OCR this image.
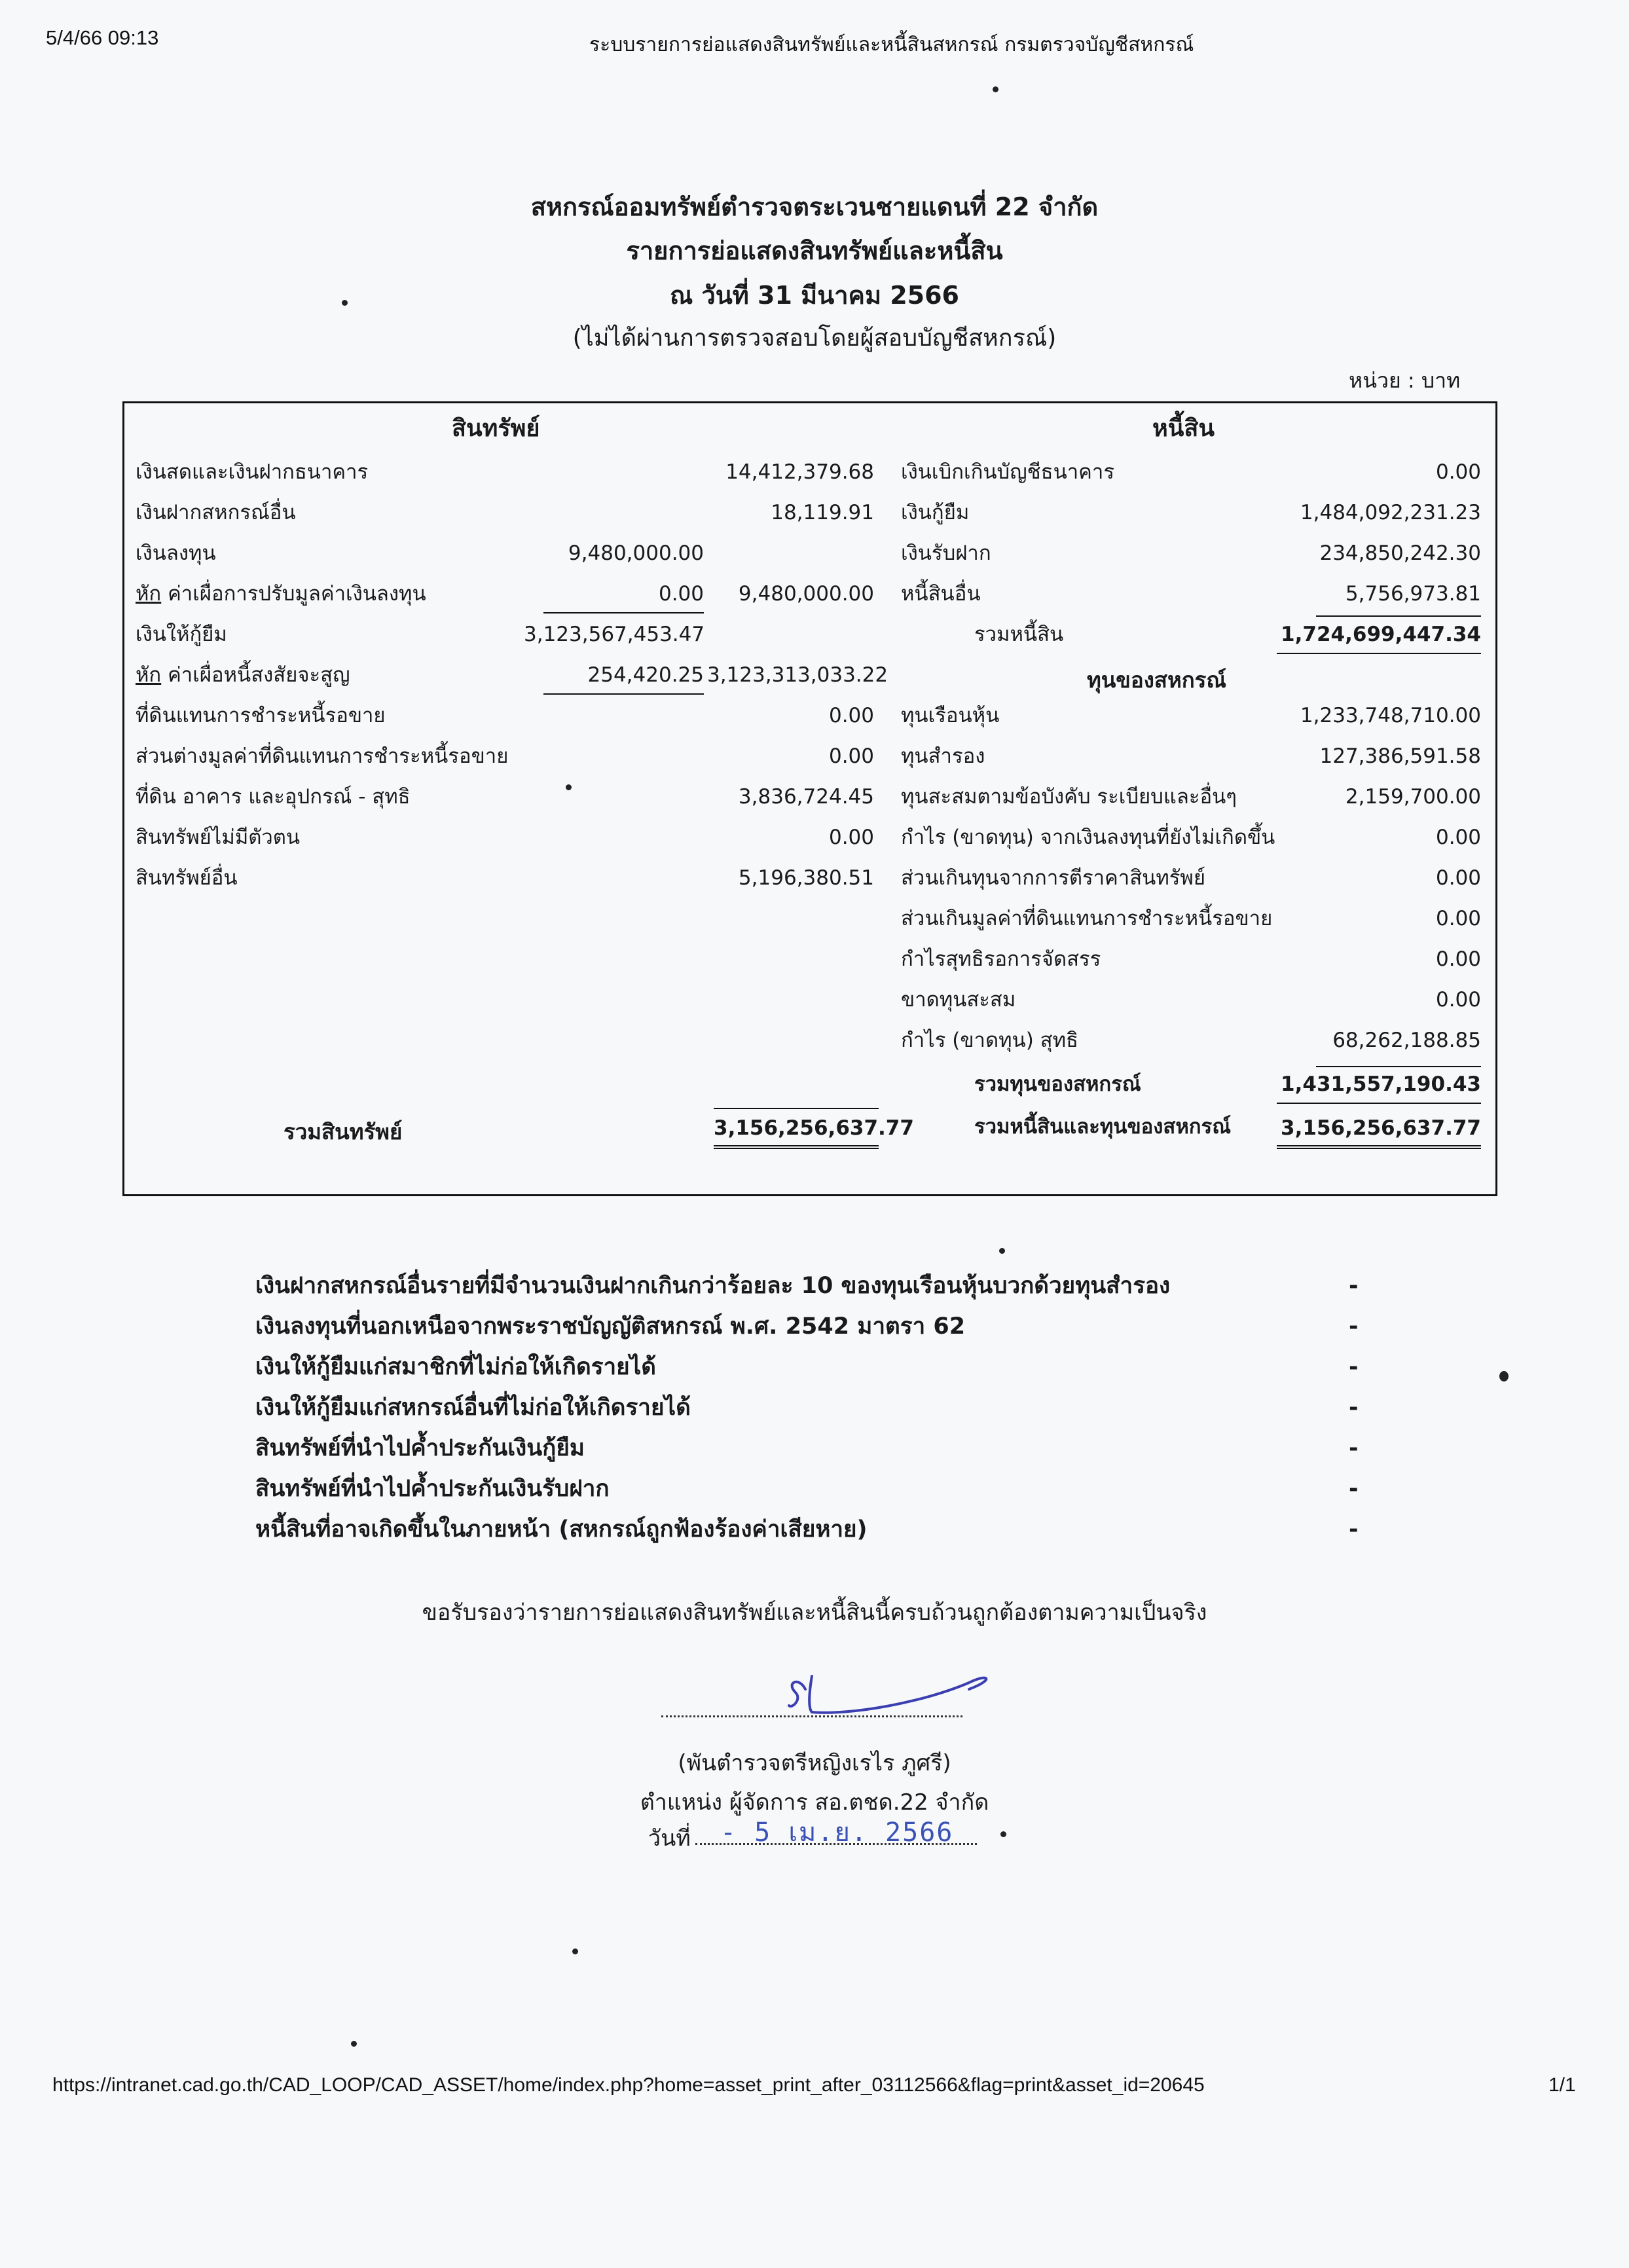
5/4/66 09:13	ระบบรายการย่อแสดงสินทรัพย์และหนี้สินสหกรณ์ กรมตรวจบัญชีสหกรณ์
สหกรณ์ออมทรัพย์ตำรวจตระเวนชายแดนที่ 22 จำกัด
รายการย่อแสดงสินทรัพย์และหนี้สิน
ณ วันที่ 31 มีนาคม 2566
(ไม่ได้ผ่านการตรวจสอบโดยผู้สอบบัญชีสหกรณ์)
หน่วย : บาท
สินทรัพย์	หนี้สิน
เงินสดและเงินฝากธนาคาร	14,412,379.68
เงินฝากสหกรณ์อื่น	18,119.91
เงินลงทุน	9,480,000.00
หัก ค่าเผื่อการปรับมูลค่าเงินลงทุน	0.00	9,480,000.00
เงินให้กู้ยืม	3,123,567,453.47
หัก ค่าเผื่อหนี้สงสัยจะสูญ	254,420.25 3,123,313,033.22
ที่ดินแทนการชำระหนี้รอขาย	0.00
ส่วนต่างมูลค่าที่ดินแทนการชำระหนี้รอขาย	0.00
ที่ดิน อาคาร และอุปกรณ์ - สุทธิ	3,836,724.45
สินทรัพย์ไม่มีตัวตน	0.00
สินทรัพย์อื่น	5,196,380.51
รวมสินทรัพย์	3,156,256,637.77
เงินเบิกเกินบัญชีธนาคาร	0.00
เงินกู้ยืม	1,484,092,231.23
เงินรับฝาก	234,850,242.30
หนี้สินอื่น	5,756,973.81
รวมหนี้สิน	1,724,699,447.34
ทุนของสหกรณ์
ทุนเรือนหุ้น	1,233,748,710.00
ทุนสำรอง	127,386,591.58
ทุนสะสมตามข้อบังคับ ระเบียบและอื่นๆ	2,159,700.00
กำไร (ขาดทุน) จากเงินลงทุนที่ยังไม่เกิดขึ้น	0.00
ส่วนเกินทุนจากการตีราคาสินทรัพย์	0.00
ส่วนเกินมูลค่าที่ดินแทนการชำระหนี้รอขาย	0.00
กำไรสุทธิรอการจัดสรร	0.00
ขาดทุนสะสม	0.00
กำไร (ขาดทุน) สุทธิ	68,262,188.85
รวมทุนของสหกรณ์	1,431,557,190.43
รวมหนี้สินและทุนของสหกรณ์ 3,156,256,637.77
เงินฝากสหกรณ์อื่นรายที่มีจำนวนเงินฝากเกินกว่าร้อยละ 10 ของทุนเรือนหุ้นบวกด้วยทุนสำรอง	-
เงินลงทุนที่นอกเหนือจากพระราชบัญญัติสหกรณ์ พ.ศ. 2542 มาตรา 62	-
เงินให้กู้ยืมแก่สมาชิกที่ไม่ก่อให้เกิดรายได้	-
เงินให้กู้ยืมแก่สหกรณ์อื่นที่ไม่ก่อให้เกิดรายได้	-
สินทรัพย์ที่นำไปค้ำประกันเงินกู้ยืม	-
สินทรัพย์ที่นำไปค้ำประกันเงินรับฝาก	-
หนี้สินที่อาจเกิดขึ้นในภายหน้า (สหกรณ์ถูกฟ้องร้องค่าเสียหาย)	-
ขอรับรองว่ารายการย่อแสดงสินทรัพย์และหนี้สินนี้ครบถ้วนถูกต้องตามความเป็นจริง
(พันตำรวจตรีหญิงเรไร ภูศรี)
ตำแหน่ง ผู้จัดการ สอ.ตชด.22 จำกัด
วันที่ - 5 เม.ย. 2566
https://intranet.cad.go.th/CAD_LOOP/CAD_ASSET/home/index.php?home=asset_print_after_03112566&flag=print&asset_id=20645	1/1
